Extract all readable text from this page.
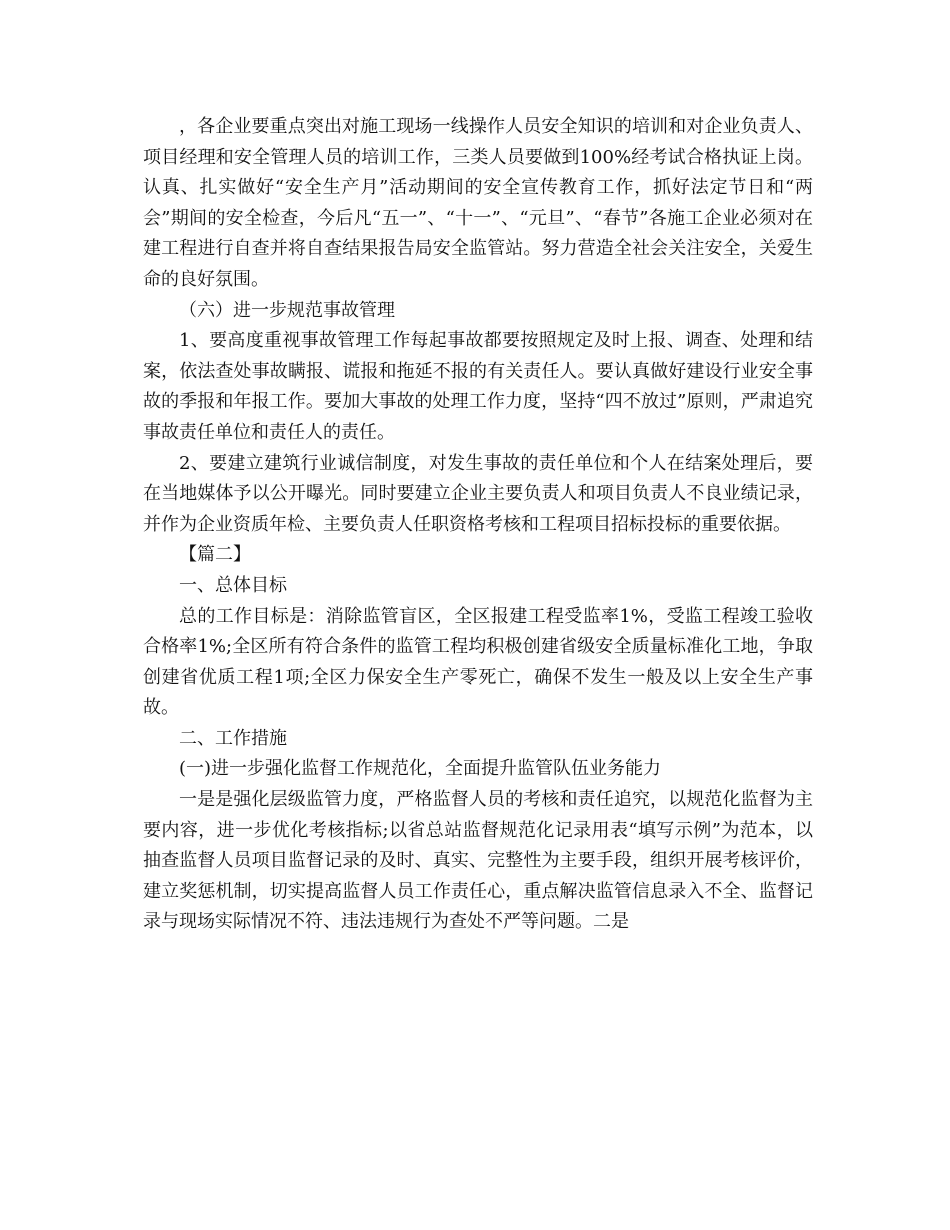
，各企业要重点突出对施工现场一线操作人员安全知识的培训和对企业负责人、项目经理和安全管理人员的培训工作，三类人员要做到100%经考试合格执证上岗。认真、扎实做好“安全生产月”活动期间的安全宣传教育工作，抓好法定节日和“两会”期间的安全检查，今后凡“五一”、“十一”、“元旦”、“春节”各施工企业必须对在建工程进行自查并将自查结果报告局安全监管站。努力营造全社会关注安全，关爱生命的良好氛围。

（六）进一步规范事故管理

1、要高度重视事故管理工作每起事故都要按照规定及时上报、调查、处理和结案，依法查处事故瞒报、谎报和拖延不报的有关责任人。要认真做好建设行业安全事故的季报和年报工作。要加大事故的处理工作力度，坚持“四不放过”原则，严肃追究事故责任单位和责任人的责任。

2、要建立建筑行业诚信制度，对发生事故的责任单位和个人在结案处理后，要在当地媒体予以公开曝光。同时要建立企业主要负责人和项目负责人不良业绩记录，并作为企业资质年检、主要负责人任职资格考核和工程项目招标投标的重要依据。

【篇二】

一、总体目标

总的工作目标是：消除监管盲区，全区报建工程受监率1%，受监工程竣工验收合格率1%;全区所有符合条件的监管工程均积极创建省级安全质量标准化工地，争取创建省优质工程1项;全区力保安全生产零死亡，确保不发生一般及以上安全生产事故。

二、工作措施

(一)进一步强化监督工作规范化，全面提升监管队伍业务能力

一是是强化层级监管力度，严格监督人员的考核和责任追究，以规范化监督为主要内容，进一步优化考核指标;以省总站监督规范化记录用表“填写示例”为范本，以抽查监督人员项目监督记录的及时、真实、完整性为主要手段，组织开展考核评价，建立奖惩机制，切实提高监督人员工作责任心，重点解决监管信息录入不全、监督记录与现场实际情况不符、违法违规行为查处不严等问题。二是
